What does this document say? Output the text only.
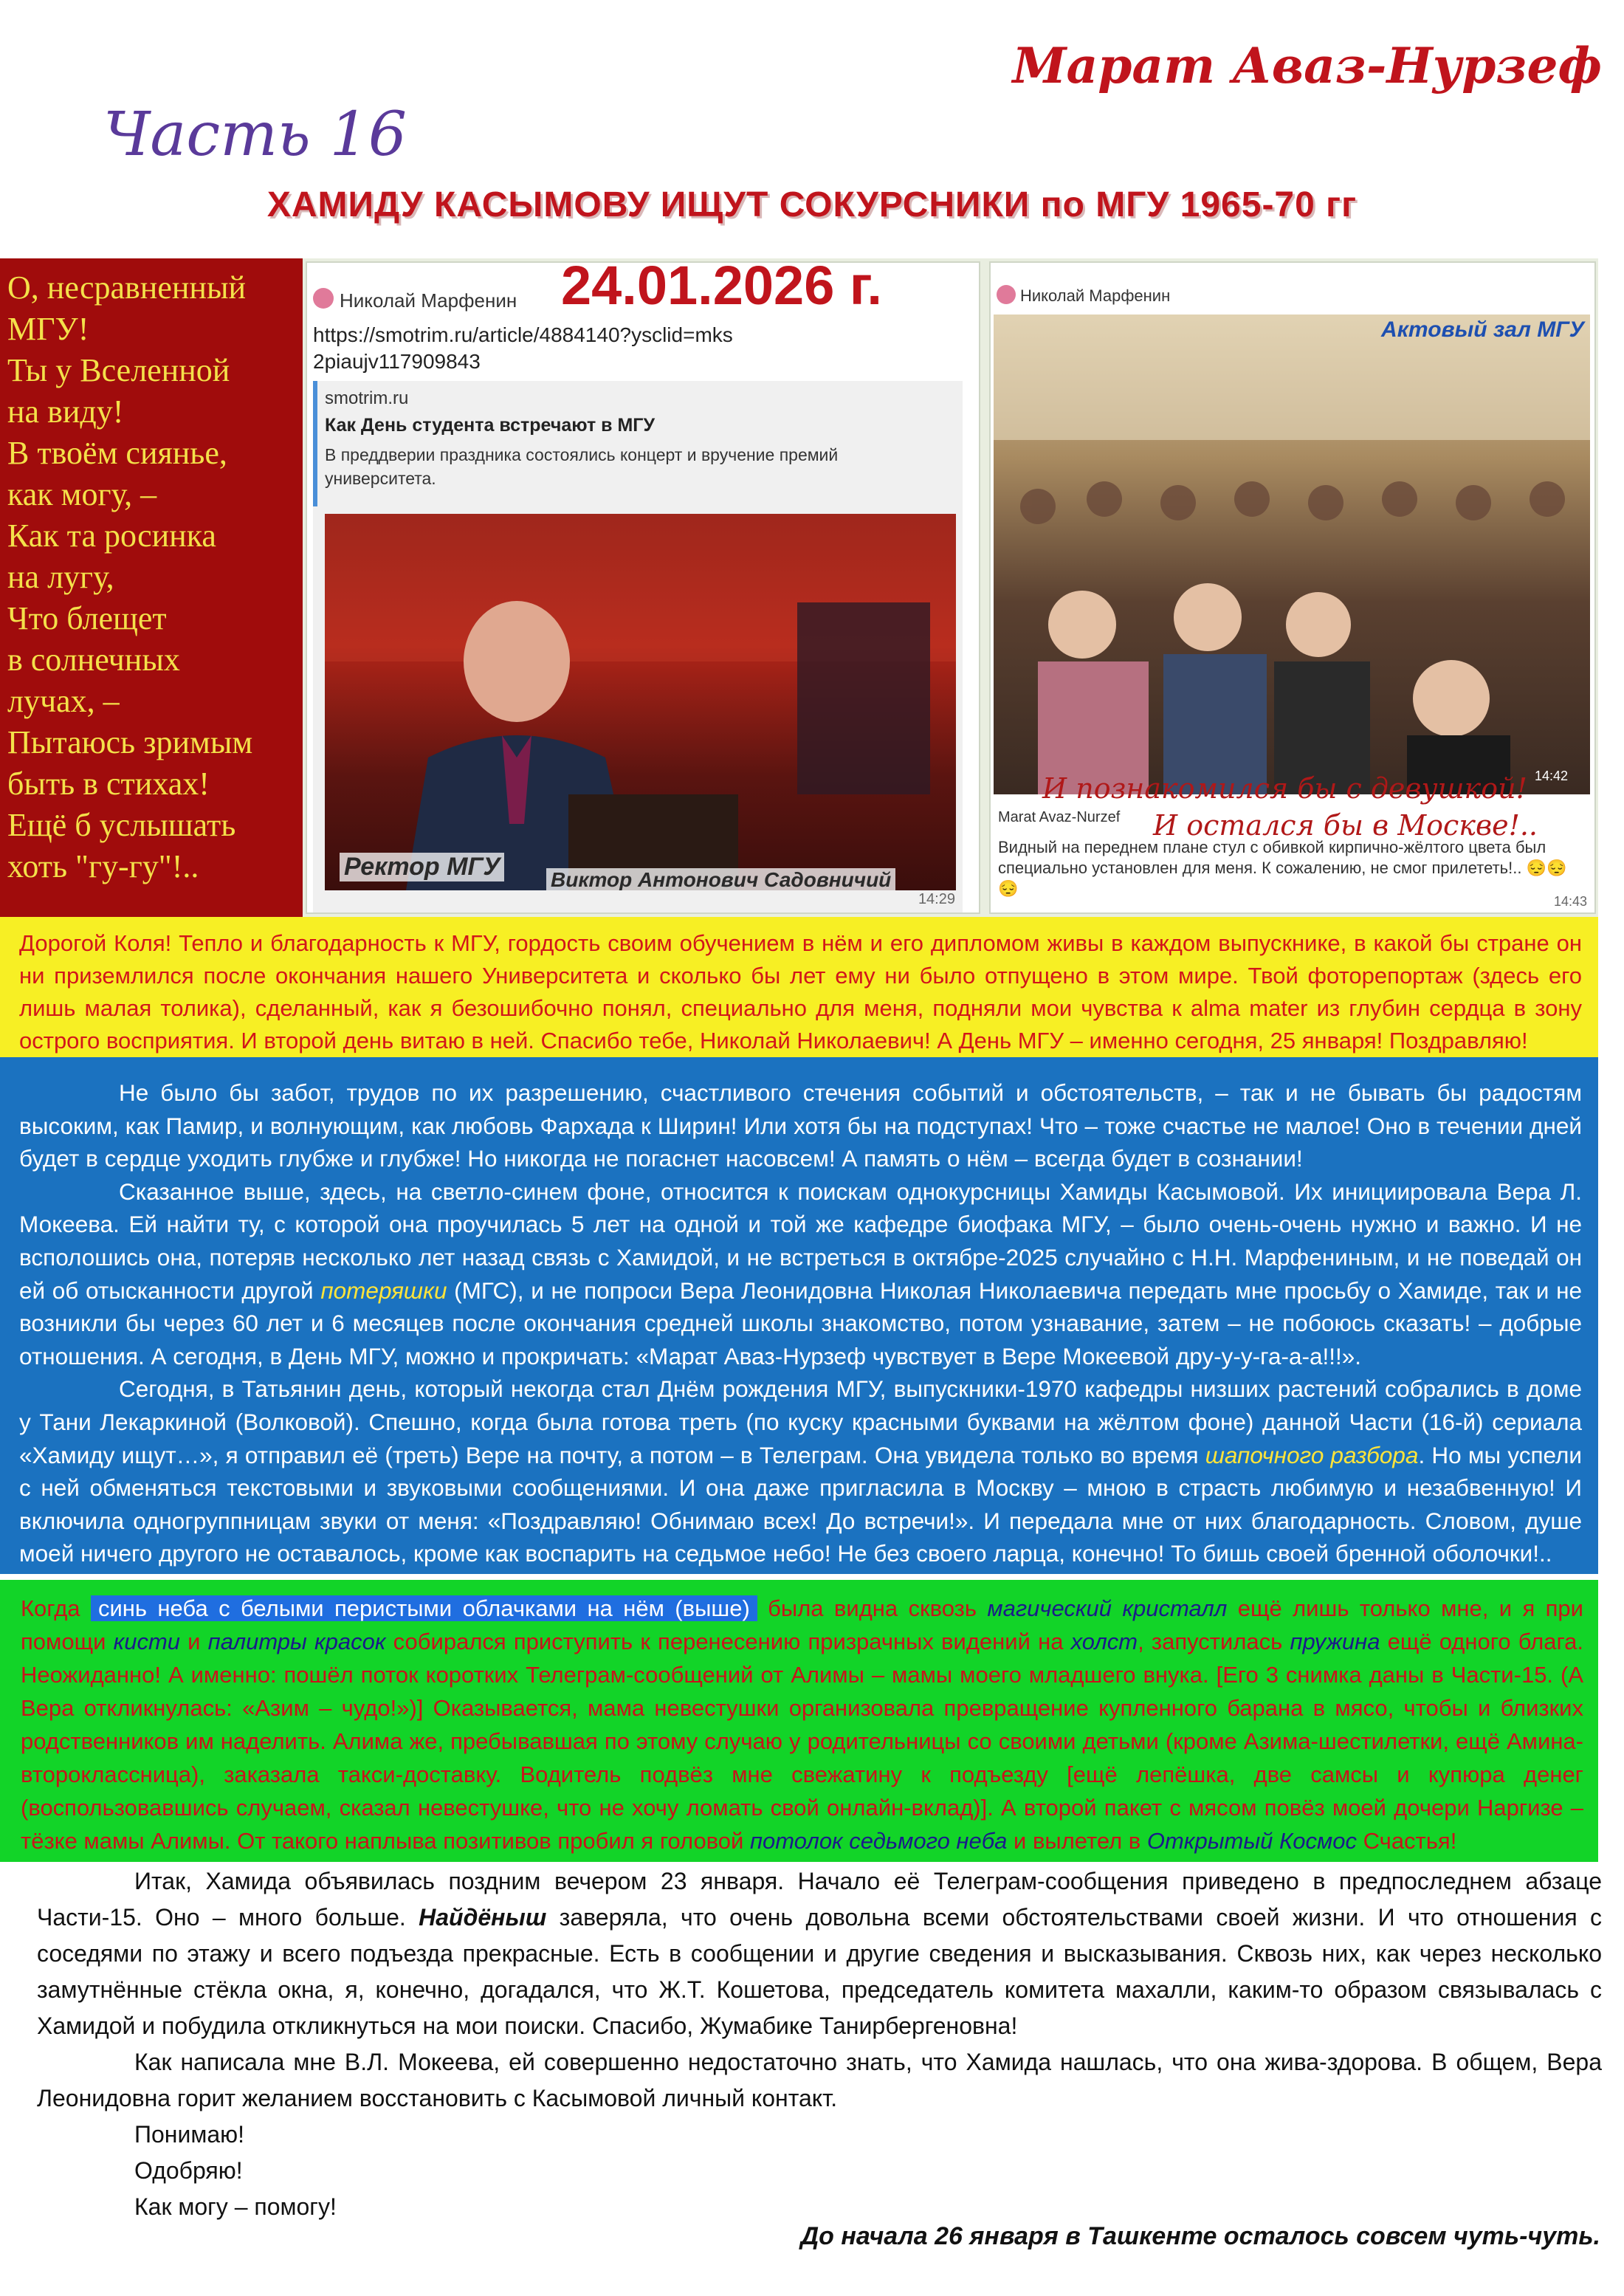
Марат Аваз-Нурзеф
Часть 16
ХАМИДУ КАСЫМОВУ ИЩУТ СОКУРСНИКИ по МГУ 1965-70 гг
О, несравненный
МГУ!
Ты у Вселенной
на виду!
В твоём сиянье,
как могу, –
Как та росинка
на лугу,
Что блещет
в солнечных
лучах, –
Пытаюсь зримым
быть в стихах!
Ещё б услышать
хоть "гу-гу"!..
Николай Марфенин
https://smotrim.ru/article/4884140?ysclid=mks2piaujv117909843
smotrim.ru
Как День студента встречают в МГУ
В преддверии праздника состоялись концерт и вручение премий университета.
Ректор МГУ Виктор Антонович Садовничий
14:29
24.01.2026 г.	Николай Марфенин
Актовый зал МГУ
14:42
И познакомился бы с девушкой!
И остался бы в Москве!..
Marat Avaz-Nurzef
Видный на переднем плане стул с обивкой кирпично-жёлтого цвета был специально установлен для меня. К сожалению, не смог прилететь!.. 😔😔😔
14:43

Дорогой Коля! Тепло и благодарность к МГУ, гордость своим обучением в нём и его дипломом живы в каждом выпускнике, в какой бы стране он ни приземлился после окончания нашего Университета и сколько бы лет ему ни было отпущено в этом мире. Твой фоторепортаж (здесь его лишь малая толика), сделанный, как я безошибочно понял, специально для меня, подняли мои чувства к alma mater из глубин сердца в зону острого восприятия. И второй день витаю в ней. Спасибо тебе, Николай Николаевич! А День МГУ – именно сегодня, 25 января! Поздравляю!

Не было бы забот, трудов по их разрешению, счастливого стечения событий и обстоятельств, – так и не бывать бы радостям высоким, как Памир, и волнующим, как любовь Фархада к Ширин! Или хотя бы на подступах! Что – тоже счастье не малое! Оно в течении дней будет в сердце уходить глубже и глубже! Но никогда не погаснет насовсем! А память о нём – всегда будет в сознании!

Сказанное выше, здесь, на светло-синем фоне, относится к поискам однокурсницы Хамиды Касымовой. Их инициировала Вера Л. Мокеева. Ей найти ту, с которой она проучилась 5 лет на одной и той же кафедре биофака МГУ, – было очень-очень нужно и важно. И не всполошись она, потеряв несколько лет назад связь с Хамидой, и не встреться в октябре-2025 случайно с Н.Н. Марфениным, и не поведай он ей об отысканности другой потеряшки (МГС), и не попроси Вера Леонидовна Николая Николаевича передать мне просьбу о Хамиде, так и не возникли бы через 60 лет и 6 месяцев после окончания средней школы знакомство, потом узнавание, затем – не побоюсь сказать! – добрые отношения. А сегодня, в День МГУ, можно и прокричать: «Марат Аваз-Нурзеф чувствует в Вере Мокеевой дру-у-у-га-а-а!!!».

Сегодня, в Татьянин день, который некогда стал Днём рождения МГУ, выпускники-1970 кафедры низших растений собрались в доме у Тани Лекаркиной (Волковой). Спешно, когда была готова треть (по куску красными буквами на жёлтом фоне) данной Части (16-й) сериала «Хамиду ищут…», я отправил её (треть) Вере на почту, а потом – в Телеграм. Она увидела только во время шапочного разбора. Но мы успели с ней обменяться текстовыми и звуковыми сообщениями. И она даже пригласила в Москву – мною в страсть любимую и незабвенную! И включила одногруппницам звуки от меня: «Поздравляю! Обнимаю всех! До встречи!». И передала мне от них благодарность. Словом, душе моей ничего другого не оставалось, кроме как воспарить на седьмое небо! Не без своего ларца, конечно! То бишь своей бренной оболочки!..

Когда синь неба с белыми перистыми облачками на нём (выше) была видна сквозь магический кристалл ещё лишь только мне, и я при помощи кисти и палитры красок собирался приступить к перенесению призрачных видений на холст, запустилась пружина ещё одного блага. Неожиданно! А именно: пошёл поток коротких Телеграм-сообщений от Алимы – мамы моего младшего внука. [Его 3 снимка даны в Части-15. (А Вера откликнулась: «Азим – чудо!»)] Оказывается, мама невестушки организовала превращение купленного барана в мясо, чтобы и близких родственников им наделить. Алима же, пребывавшая по этому случаю у родительницы со своими детьми (кроме Азима-шестилетки, ещё Амина-второклассница), заказала такси-доставку. Водитель подвёз мне свежатину к подъезду [ещё лепёшка, две самсы и купюра денег (воспользовавшись случаем, сказал невестушке, что не хочу ломать свой онлайн-вклад)]. А второй пакет с мясом повёз моей дочери Наргизе – тёзке мамы Алимы. От такого наплыва позитивов пробил я головой потолок седьмого неба и вылетел в Открытый Космос Счастья!

Итак, Хамида объявилась поздним вечером 23 января. Начало её Телеграм-сообщения приведено в предпоследнем абзаце Части-15. Оно – много больше. Найдёныш заверяла, что очень довольна всеми обстоятельствами своей жизни. И что отношения с соседями по этажу и всего подъезда прекрасные. Есть в сообщении и другие сведения и высказывания. Сквозь них, как через несколько замутнённые стёкла окна, я, конечно, догадался, что Ж.Т. Кошетова, председатель комитета махалли, каким-то образом связывалась с Хамидой и побудила откликнуться на мои поиски. Спасибо, Жумабике Танирбергеновна!

Как написала мне В.Л. Мокеева, ей совершенно недостаточно знать, что Хамида нашлась, что она жива-здорова. В общем, Вера Леонидовна горит желанием восстановить с Касымовой личный контакт.

Понимаю!

Одобряю!

Как могу – помогу!

До начала 26 января в Ташкенте осталось совсем чуть-чуть.
